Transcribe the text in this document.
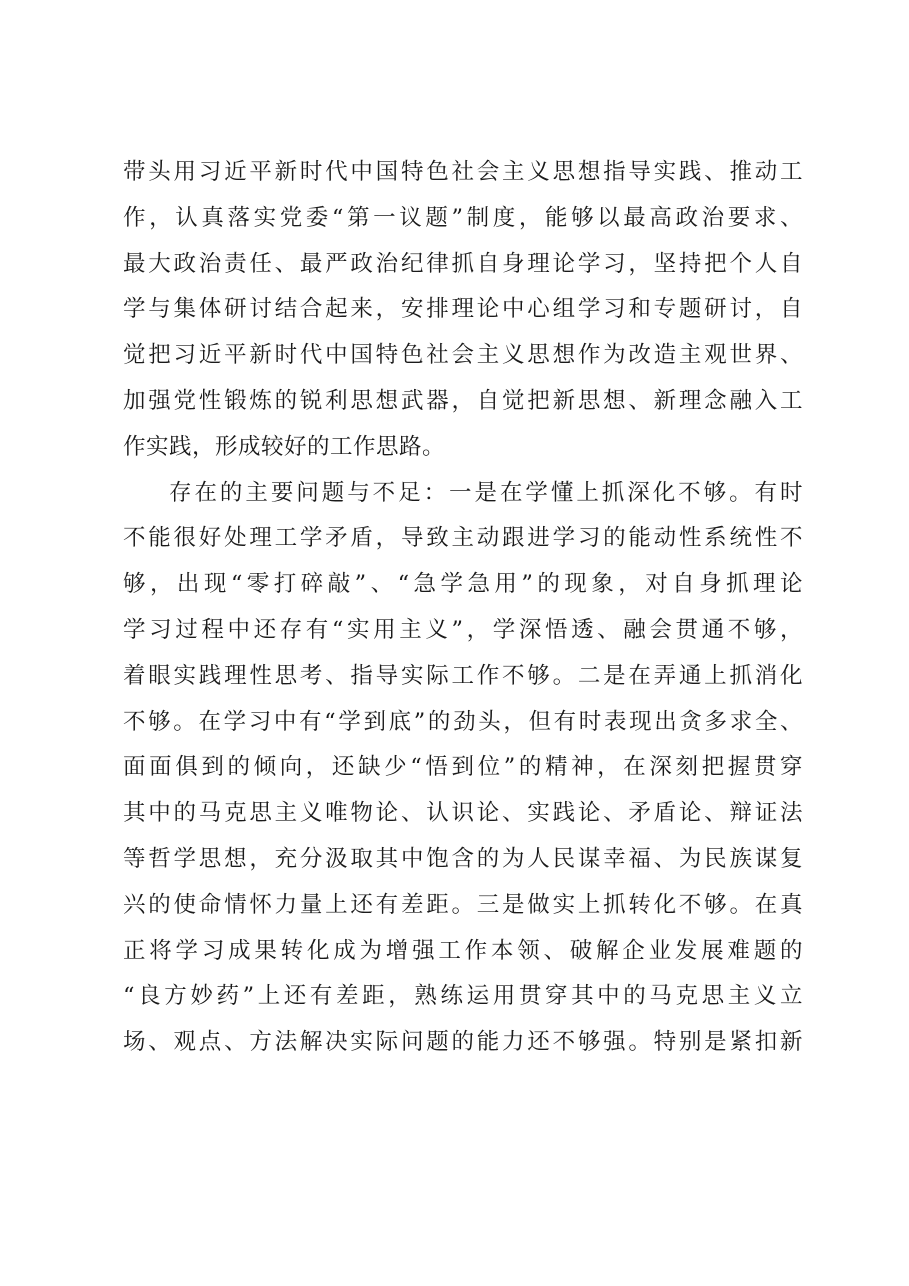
带头用习近平新时代中国特色社会主义思想指导实践、推动工
作，认真落实党委“第一议题”制度，能够以最高政治要求、
最大政治责任、最严政治纪律抓自身理论学习，坚持把个人自
学与集体研讨结合起来，安排理论中心组学习和专题研讨，自
觉把习近平新时代中国特色社会主义思想作为改造主观世界、
加强党性锻炼的锐利思想武器，自觉把新思想、新理念融入工
作实践，形成较好的工作思路。
存在的主要问题与不足：一是在学懂上抓深化不够。有时
不能很好处理工学矛盾，导致主动跟进学习的能动性系统性不
够，出现“零打碎敲”、“急学急用”的现象，对自身抓理论
学习过程中还存有“实用主义”，学深悟透、融会贯通不够，
着眼实践理性思考、指导实际工作不够。二是在弄通上抓消化
不够。在学习中有“学到底”的劲头，但有时表现出贪多求全、
面面俱到的倾向，还缺少“悟到位”的精神，在深刻把握贯穿
其中的马克思主义唯物论、认识论、实践论、矛盾论、辩证法
等哲学思想，充分汲取其中饱含的为人民谋幸福、为民族谋复
兴的使命情怀力量上还有差距。三是做实上抓转化不够。在真
正将学习成果转化成为增强工作本领、破解企业发展难题的
“良方妙药”上还有差距，熟练运用贯穿其中的马克思主义立
场、观点、方法解决实际问题的能力还不够强。特别是紧扣新
